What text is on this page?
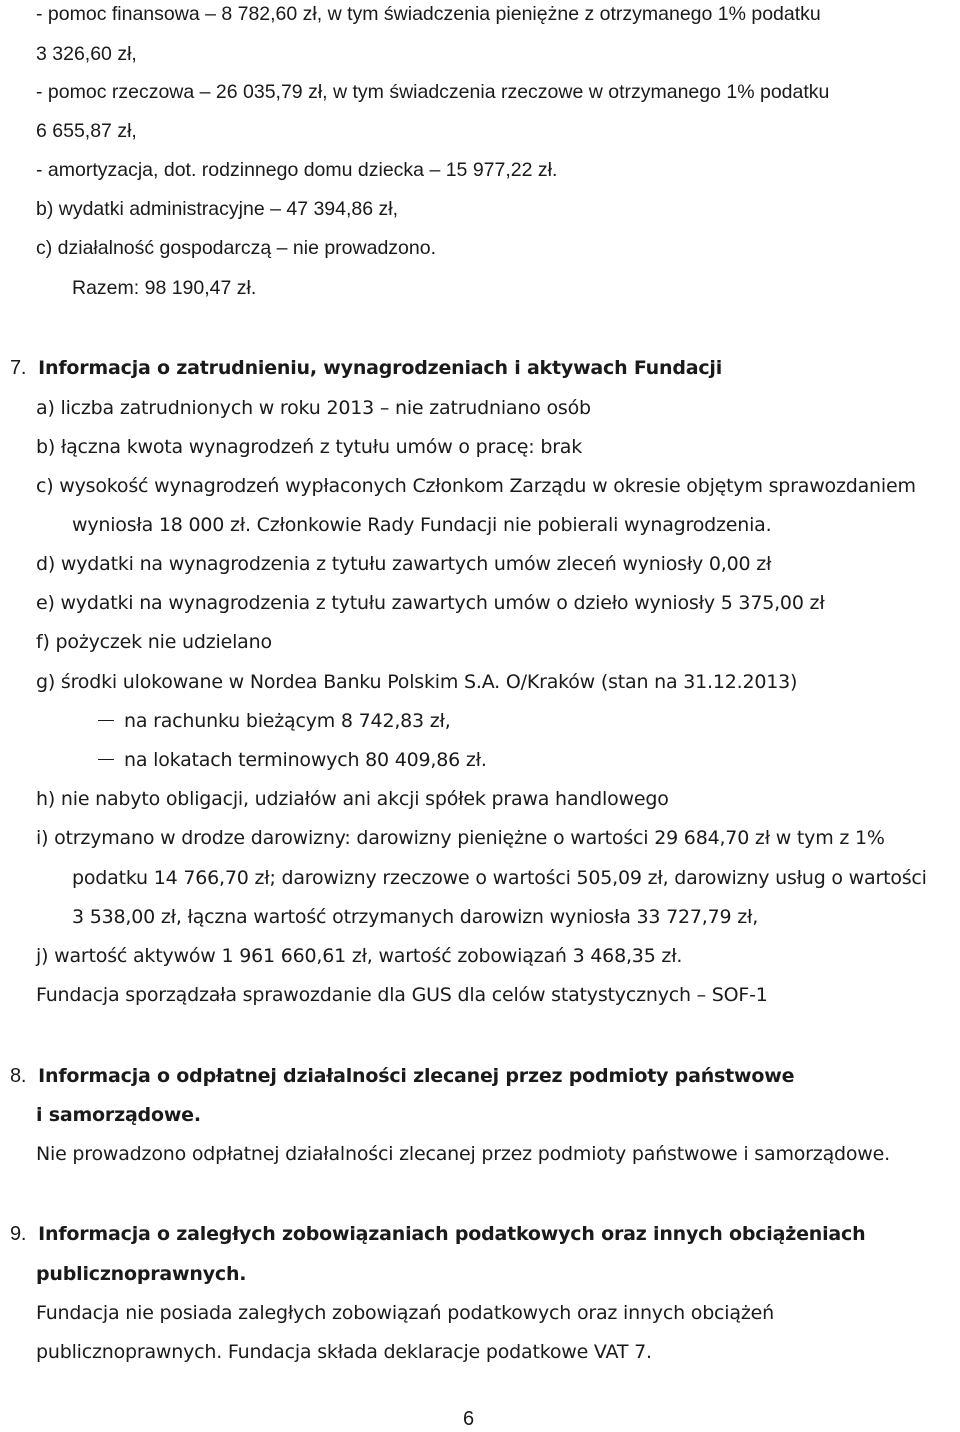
- pomoc finansowa – 8 782,60 zł, w tym świadczenia pieniężne z otrzymanego 1% podatku
3 326,60 zł,
- pomoc rzeczowa – 26 035,79 zł, w tym świadczenia rzeczowe w otrzymanego 1% podatku
6 655,87 zł,
- amortyzacja, dot. rodzinnego domu dziecka – 15 977,22 zł.
b) wydatki administracyjne – 47 394,86 zł,
c) działalność gospodarczą – nie prowadzono.
Razem: 98 190,47 zł.
7. Informacja o zatrudnieniu, wynagrodzeniach i aktywach Fundacji
a) liczba zatrudnionych w roku 2013 – nie zatrudniano osób
b) łączna kwota wynagrodzeń z tytułu umów o pracę: brak
c) wysokość wynagrodzeń wypłaconych Członkom Zarządu w okresie objętym sprawozdaniem
wyniosła 18 000 zł. Członkowie Rady Fundacji nie pobierali wynagrodzenia.
d) wydatki na wynagrodzenia z tytułu zawartych umów zleceń wyniosły 0,00 zł
e) wydatki na wynagrodzenia z tytułu zawartych umów o dzieło wyniosły 5 375,00 zł
f) pożyczek nie udzielano
g) środki ulokowane w Nordea Banku Polskim S.A. O/Kraków (stan na 31.12.2013)
na rachunku bieżącym 8 742,83 zł,
na lokatach terminowych 80 409,86 zł.
h) nie nabyto obligacji, udziałów ani akcji spółek prawa handlowego
i) otrzymano w drodze darowizny: darowizny pieniężne o wartości 29 684,70 zł w tym z 1%
podatku 14 766,70 zł; darowizny rzeczowe o wartości 505,09 zł, darowizny usług o wartości
3 538,00 zł, łączna wartość otrzymanych darowizn wyniosła 33 727,79 zł,
j) wartość aktywów 1 961 660,61 zł, wartość zobowiązań 3 468,35 zł.
Fundacja sporządzała sprawozdanie dla GUS dla celów statystycznych – SOF-1
8. Informacja o odpłatnej działalności zlecanej przez podmioty państwowe
i samorządowe.
Nie prowadzono odpłatnej działalności zlecanej przez podmioty państwowe i samorządowe.
9. Informacja o zaległych zobowiązaniach podatkowych oraz innych obciążeniach
publicznoprawnych.
Fundacja nie posiada zaległych zobowiązań podatkowych oraz innych obciążeń
publicznoprawnych. Fundacja składa deklaracje podatkowe VAT 7.
6
